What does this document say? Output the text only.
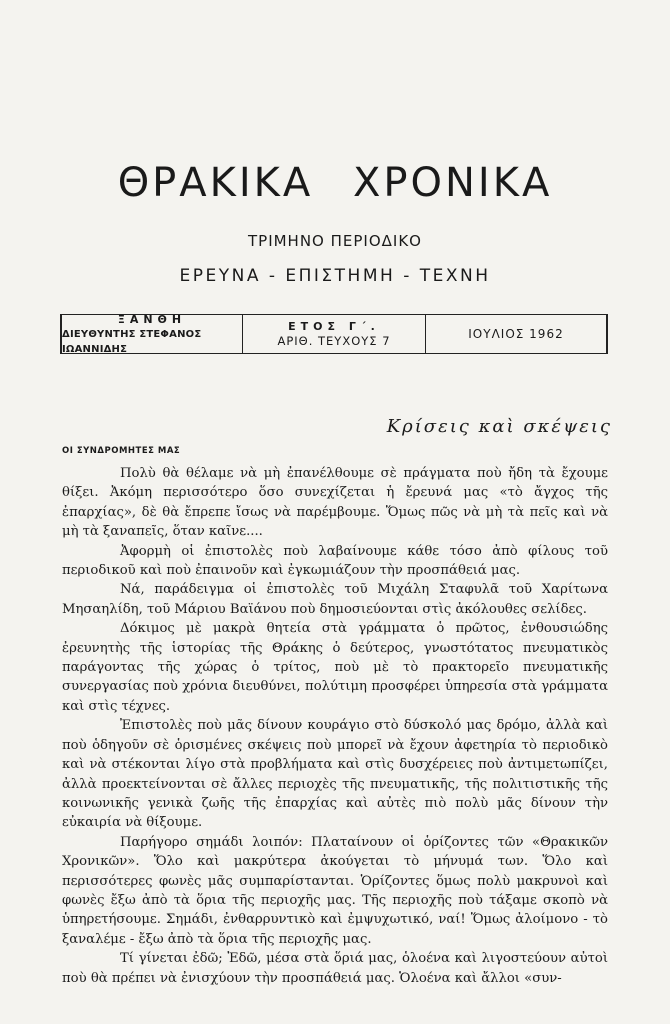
ΘΡΑΚΙΚΑ ΧΡΟΝΙΚΑ
ΤΡΙΜΗΝΟ ΠΕΡΙΟΔΙΚΟ
ΕΡΕΥΝΑ - ΕΠΙΣΤΗΜΗ - ΤΕΧΝΗ
ΞΑΝΘΗ
ΔΙΕΥΘΥΝΤΗΣ ΣΤΕΦΑΝΟΣ ΙΩΑΝΝΙΔΗΣ
ΕΤΟΣ Γ΄.
ΑΡΙΘ. ΤΕΥΧΟΥΣ 7	ΙΟΥΛΙΟΣ 1962
Κρίσεις καὶ σκέψεις
ΟΙ ΣΥΝΔΡΟΜΗΤΕΣ ΜΑΣ

Πολὺ θὰ θέλαμε νὰ μὴ ἐπανέλθουμε σὲ πράγματα ποὺ ἤδη τὰ ἔχουμε θίξει. Ἀκόμη περισσότερο ὅσο συνεχίζεται ἡ ἔρευνά μας «τὸ ἄγχος τῆς ἐπαρχίας», δὲ θὰ ἔπρεπε ἴσως νὰ παρέμβουμε. Ὅμως πῶς νὰ μὴ τὰ πεῖς καὶ νὰ μὴ τὰ ξαναπεῖς, ὅταν καῖνε....

Ἀφορμὴ οἱ ἐπιστολὲς ποὺ λαβαίνουμε κάθε τόσο ἀπὸ φίλους τοῦ περιοδικοῦ καὶ ποὺ ἐπαινοῦν καὶ ἐγκωμιάζουν τὴν προσπάθειά μας.

Νά, παράδειγμα οἱ ἐπιστολὲς τοῦ Μιχάλη Σταφυλᾶ τοῦ Χαρίτωνα Μησαηλίδη, τοῦ Μάριου Βαϊάνου ποὺ δημοσιεύονται στὶς ἀκόλουθες σελίδες.

Δόκιμος μὲ μακρὰ θητεία στὰ γράμματα ὁ πρῶτος, ἐνθουσιώδης ἐρευνητὴς τῆς ἱστορίας τῆς Θράκης ὁ δεύτερος, γνωστότατος πνευματικὸς παράγοντας τῆς χώρας ὁ τρίτος, ποὺ μὲ τὸ πρακτορεῖο πνευματικῆς συνεργασίας ποὺ χρόνια διευθύνει, πολύτιμη προσφέρει ὑπηρεσία στὰ γράμματα καὶ στὶς τέχνες.

Ἐπιστολὲς ποὺ μᾶς δίνουν κουράγιο στὸ δύσκολό μας δρόμο, ἀλλὰ καὶ ποὺ ὁδηγοῦν σὲ ὁρισμένες σκέψεις ποὺ μπορεῖ νὰ ἔχουν ἀφετηρία τὸ περιοδικὸ καὶ νὰ στέκονται λίγο στὰ προβλήματα καὶ στὶς δυσχέρειες ποὺ ἀντιμετωπίζει, ἀλλὰ προεκτείνονται σὲ ἄλλες περιοχὲς τῆς πνευματικῆς, τῆς πολιτιστικῆς τῆς κοινωνικῆς γενικὰ ζωῆς τῆς ἐπαρχίας καὶ αὐτὲς πιὸ πολὺ μᾶς δίνουν τὴν εὐκαιρία νὰ θίξουμε.

Παρήγορο σημάδι λοιπόν: Πλαταίνουν οἱ ὁρίζοντες τῶν «Θρακικῶν Χρονικῶν». Ὅλο καὶ μακρύτερα ἀκούγεται τὸ μήνυμά των. Ὅλο καὶ περισσότερες φωνὲς μᾶς συμπαρίστανται. Ὁρίζοντες ὅμως πολὺ μακρυνοὶ καὶ φωνὲς ἔξω ἀπὸ τὰ ὅρια τῆς περιοχῆς μας. Τῆς περιοχῆς ποὺ τάξαμε σκοπὸ νὰ ὑπηρετήσουμε. Σημάδι, ἐνθαρρυντικὸ καὶ ἐμψυχωτικό, ναί! Ὅμως ἀλοίμονο - τὸ ξαναλέμε - ἔξω ἀπὸ τὰ ὅρια τῆς περιοχῆς μας.

Τί γίνεται ἐδῶ; Ἐδῶ, μέσα στὰ ὅριά μας, ὁλοένα καὶ λιγοστεύουν αὐτοὶ ποὺ θὰ πρέπει νὰ ἐνισχύουν τὴν προσπάθειά μας. Ὁλοένα καὶ ἄλλοι «συν-
